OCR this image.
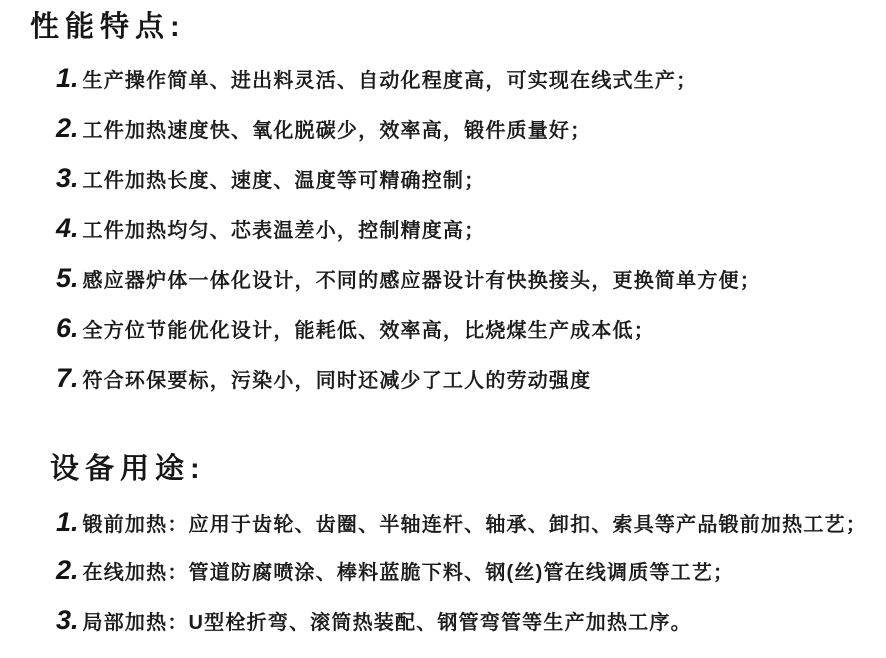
性能特点:
1. 生产操作简单、进出料灵活、自动化程度高，可实现在线式生产；
2. 工件加热速度快、氧化脱碳少，效率高，锻件质量好；
3. 工件加热长度、速度、温度等可精确控制；
4. 工件加热均匀、芯表温差小，控制精度高；
5. 感应器炉体一体化设计，不同的感应器设计有快换接头，更换简单方便；
6. 全方位节能优化设计，能耗低、效率高，比烧煤生产成本低；
7. 符合环保要标，污染小，同时还减少了工人的劳动强度
设备用途:
1. 锻前加热：应用于齿轮、齿圈、半轴连杆、轴承、卸扣、索具等产品锻前加热工艺；
2. 在线加热：管道防腐喷涂、棒料蓝脆下料、钢(丝)管在线调质等工艺；
3. 局部加热：U型栓折弯、滚筒热装配、钢管弯管等生产加热工序。
